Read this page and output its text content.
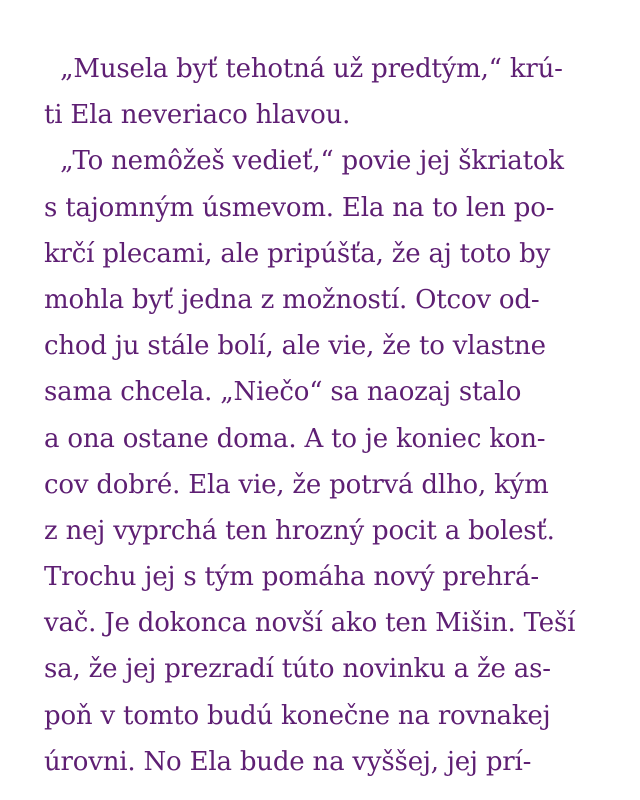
„Musela byť tehotná už predtým,“ krú-
ti Ela neveriaco hlavou.
„To nemôžeš vedieť,“ povie jej škriatok
s tajomným úsmevom. Ela na to len po-
krčí plecami, ale pripúšťa, že aj toto by
mohla byť jedna z možností. Otcov od-
chod ju stále bolí, ale vie, že to vlastne
sama chcela. „Niečo“ sa naozaj stalo
a ona ostane doma. A to je koniec kon-
cov dobré. Ela vie, že potrvá dlho, kým
z nej vyprchá ten hrozný pocit a bolesť.
Trochu jej s tým pomáha nový prehrá-
vač. Je dokonca novší ako ten Mišin. Teší
sa, že jej prezradí túto novinku a že as-
poň v tomto budú konečne na rovnakej
úrovni. No Ela bude na vyššej, jej prí-
